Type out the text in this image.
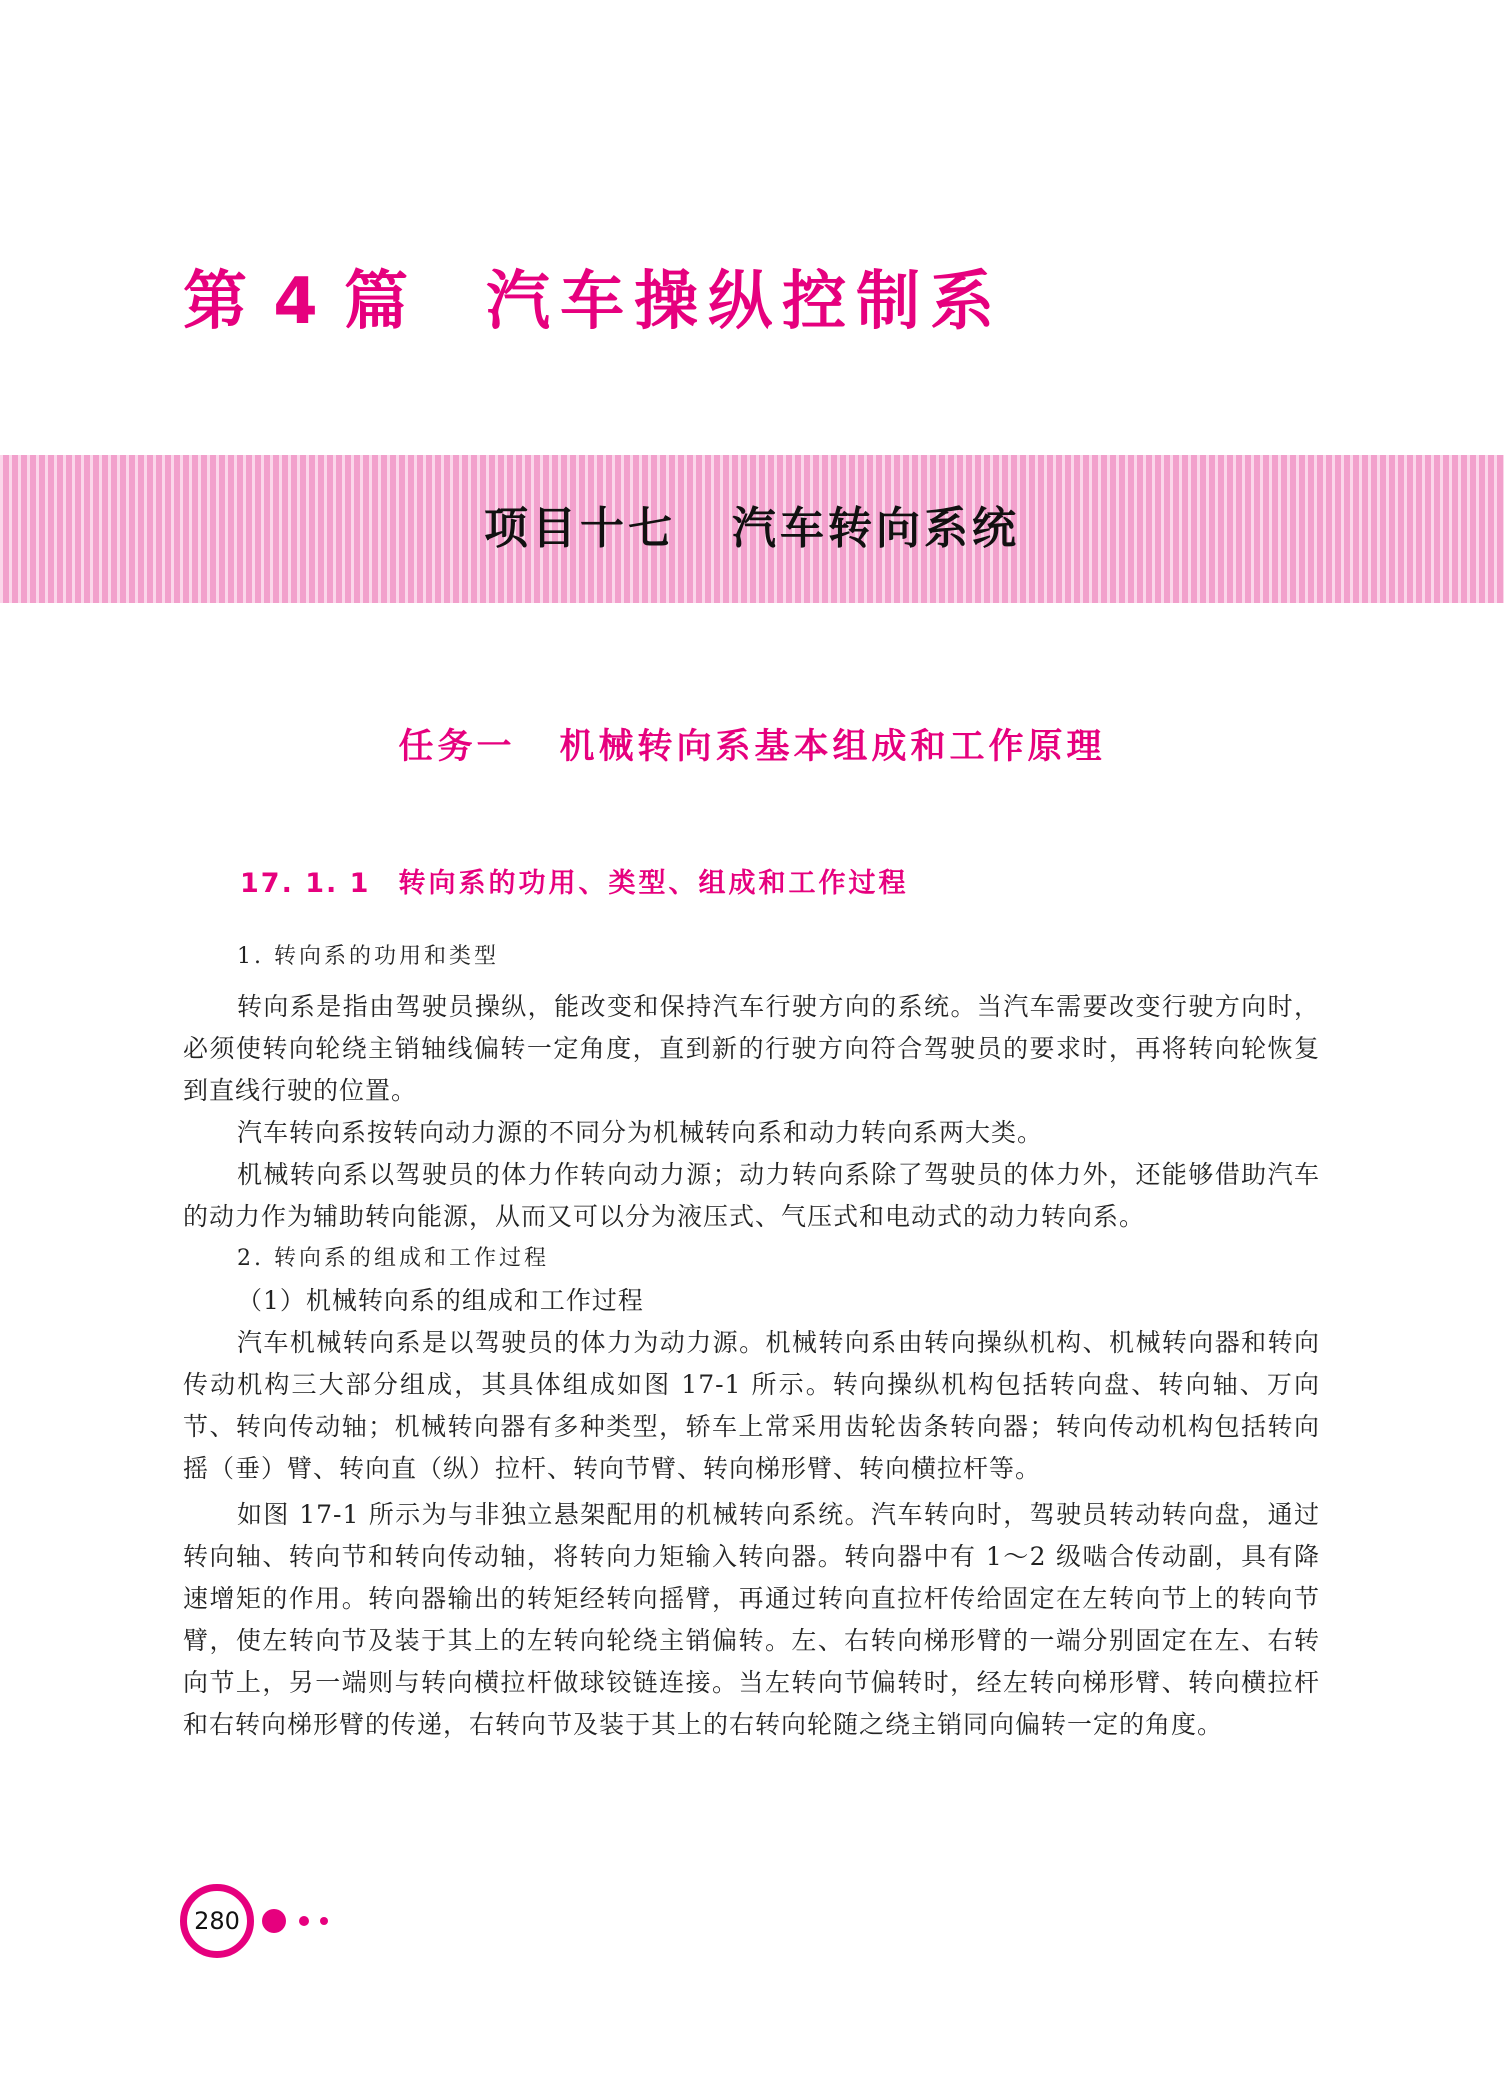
第 4 篇 汽车操纵控制系
项目十七 汽车转向系统
任务一 机械转向系基本组成和工作原理
17. 1. 1 转向系的功用、类型、组成和工作过程

1. 转向系的功用和类型

转向系是指由驾驶员操纵，能改变和保持汽车行驶方向的系统。当汽车需要改变行驶方向时，必须使转向轮绕主销轴线偏转一定角度，直到新的行驶方向符合驾驶员的要求时，再将转向轮恢复到直线行驶的位置。

汽车转向系按转向动力源的不同分为机械转向系和动力转向系两大类。

机械转向系以驾驶员的体力作转向动力源；动力转向系除了驾驶员的体力外，还能够借助汽车的动力作为辅助转向能源，从而又可以分为液压式、气压式和电动式的动力转向系。

2. 转向系的组成和工作过程

（1）机械转向系的组成和工作过程

汽车机械转向系是以驾驶员的体力为动力源。机械转向系由转向操纵机构、机械转向器和转向传动机构三大部分组成，其具体组成如图 17-1 所示。转向操纵机构包括转向盘、转向轴、万向节、转向传动轴；机械转向器有多种类型，轿车上常采用齿轮齿条转向器；转向传动机构包括转向摇（垂）臂、转向直（纵）拉杆、转向节臂、转向梯形臂、转向横拉杆等。

如图 17-1 所示为与非独立悬架配用的机械转向系统。汽车转向时，驾驶员转动转向盘，通过转向轴、转向节和转向传动轴，将转向力矩输入转向器。转向器中有 1～2 级啮合传动副，具有降速增矩的作用。转向器输出的转矩经转向摇臂，再通过转向直拉杆传给固定在左转向节上的转向节臂，使左转向节及装于其上的左转向轮绕主销偏转。左、右转向梯形臂的一端分别固定在左、右转向节上，另一端则与转向横拉杆做球铰链连接。当左转向节偏转时，经左转向梯形臂、转向横拉杆和右转向梯形臂的传递，右转向节及装于其上的右转向轮随之绕主销同向偏转一定的角度。

280
